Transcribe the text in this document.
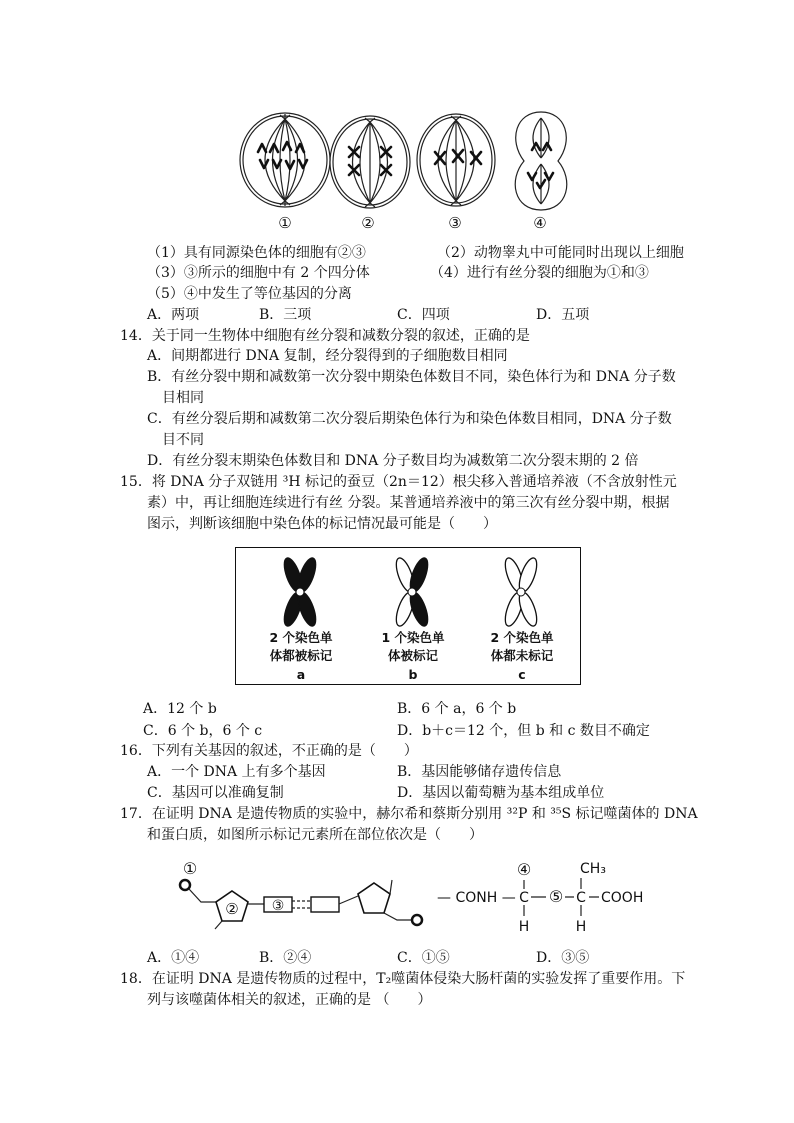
①	②	③	④
（1）具有同源染色体的细胞有②③	（2）动物睾丸中可能同时出现以上细胞
（3）③所示的细胞中有 2 个四分体	（4）进行有丝分裂的细胞为①和③
（5）④中发生了等位基因的分离
A．两项	B．三项	C．四项	D．五项
14．关于同一生物体中细胞有丝分裂和减数分裂的叙述，正确的是
A．间期都进行 DNA 复制，经分裂得到的子细胞数目相同
B．有丝分裂中期和减数第一次分裂中期染色体数目不同，染色体行为和 DNA 分子数
目相同
C．有丝分裂后期和减数第二次分裂后期染色体行为和染色体数目相同，DNA 分子数
目不同
D．有丝分裂末期染色体数目和 DNA 分子数目均为减数第二次分裂末期的 2 倍
15．将 DNA 分子双链用 ³H 标记的蚕豆（2n＝12）根尖移入普通培养液（不含放射性元
素）中，再让细胞连续进行有丝 分裂。某普通培养液中的第三次有丝分裂中期，根据
图示，判断该细胞中染色体的标记情况最可能是（　　）
2 个染色单
体都被标记
a
1 个染色单
体被标记
b
2 个染色单
体都未标记
c
A．12 个 b	B．6 个 a，6 个 b
C．6 个 b，6 个 c	D．b＋c＝12 个，但 b 和 c 数目不确定
16．下列有关基因的叙述，不正确的是（　　）
A．一个 DNA 上有多个基因	B．基因能够储存遗传信息
C．基因可以准确复制	D．基因以葡萄糖为基本组成单位
17．在证明 DNA 是遗传物质的实验中，赫尔希和蔡斯分别用 ³²P 和 ³⁵S 标记噬菌体的 DNA
和蛋白质，如图所示标记元素所在部位依次是（　　）
①
② ③	— CONH — C
④
⑤ C
CH₃
COOH
H	H
A．①④	B．②④	C．①⑤	D．③⑤
18．在证明 DNA 是遗传物质的过程中，T₂噬菌体侵染大肠杆菌的实验发挥了重要作用。下
列与该噬菌体相关的叙述，正确的是 （　　）
